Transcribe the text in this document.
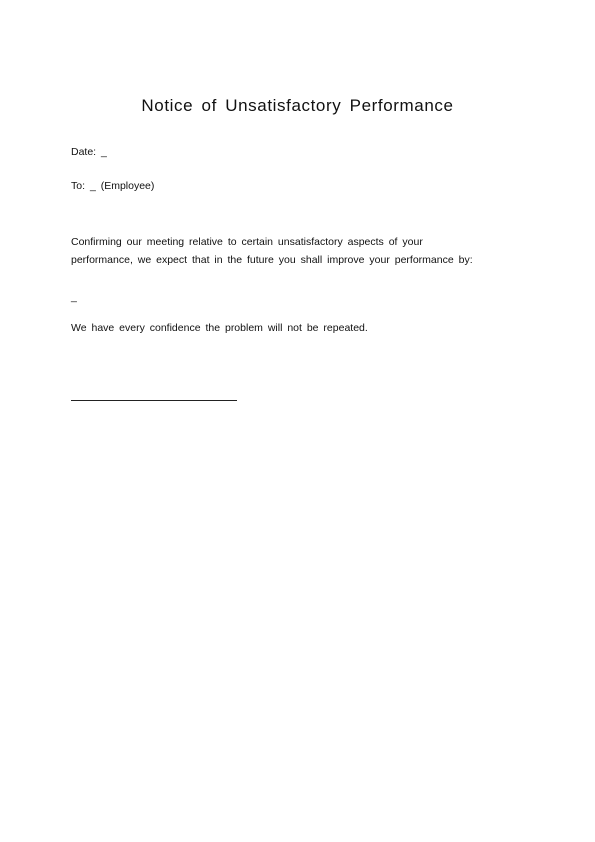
Notice of Unsatisfactory Performance
Date: _
To: _ (Employee)
Confirming our meeting relative to certain unsatisfactory aspects of your
performance, we expect that in the future you shall improve your performance by:
_
We have every confidence the problem will not be repeated.
